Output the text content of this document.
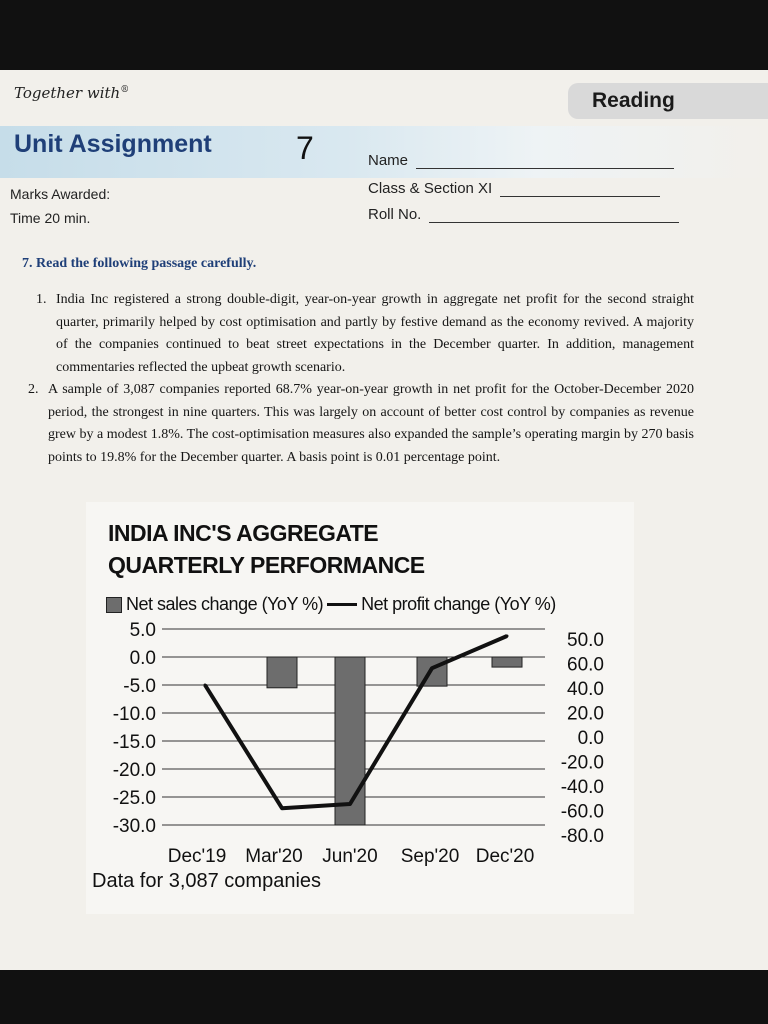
Together with®	Reading
Unit Assignment	7	Name
Class & Section XI
Roll No.
Marks Awarded:
Time 20 min.
7. Read the following passage carefully.
1. India Inc registered a strong double-digit, year-on-year growth in aggregate net profit for the second straight quarter, primarily helped by cost optimisation and partly by festive demand as the economy revived. A majority of the companies continued to beat street expectations in the December quarter. In addition, management commentaries reflected the upbeat growth scenario.
2. A sample of 3,087 companies reported 68.7% year-on-year growth in net profit for the October-December 2020 period, the strongest in nine quarters. This was largely on account of better cost control by companies as revenue grew by a modest 1.8%. The cost-optimisation measures also expanded the sample’s operating margin by 270 basis points to 19.8% for the December quarter. A basis point is 0.01 percentage point.
INDIA INC'S AGGREGATE
QUARTERLY PERFORMANCE
Net sales change (YoY %) Net profit change (YoY %)
5.0
0.0
-5.0
-10.0
-15.0
-20.0
-25.0
-30.0
50.0
60.0
40.0
20.0
0.0
-20.0
-40.0
-60.0
-80.0
Dec'19 Mar'20 Jun'20 Sep'20 Dec'20
Data for 3,087 companies
